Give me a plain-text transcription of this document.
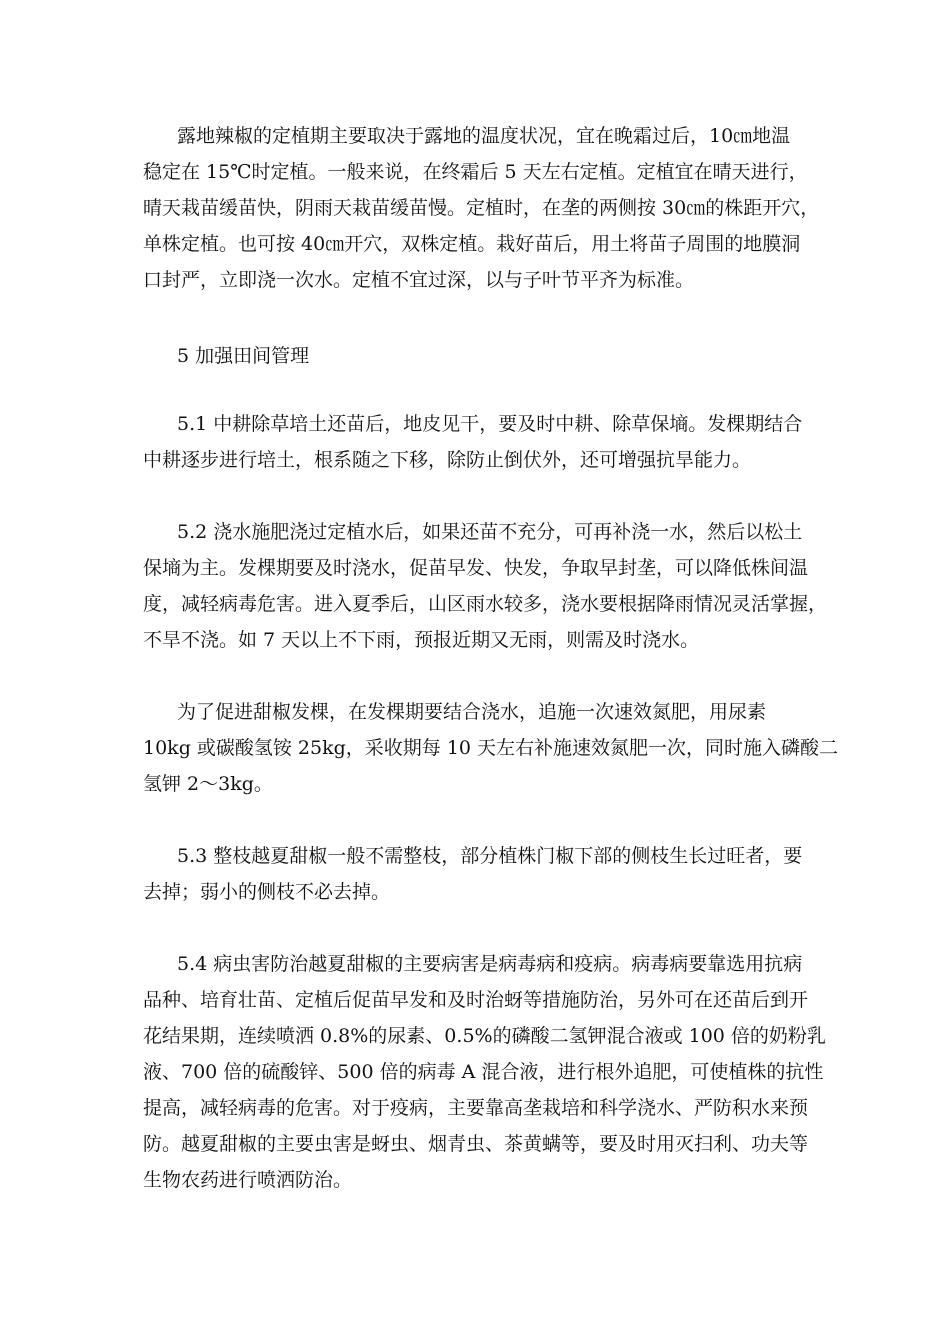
露地辣椒的定植期主要取决于露地的温度状况，宜在晚霜过后，10㎝地温
稳定在 15℃时定植。一般来说，在终霜后 5 天左右定植。定植宜在晴天进行，
晴天栽苗缓苗快，阴雨天栽苗缓苗慢。定植时，在垄的两侧按 30㎝的株距开穴，
单株定植。也可按 40㎝开穴，双株定植。栽好苗后，用土将苗子周围的地膜洞
口封严，立即浇一次水。定植不宜过深，以与子叶节平齐为标准。
5 加强田间管理
5.1 中耕除草培土还苗后，地皮见干，要及时中耕、除草保墒。发棵期结合
中耕逐步进行培土，根系随之下移，除防止倒伏外，还可增强抗旱能力。
5.2 浇水施肥浇过定植水后，如果还苗不充分，可再补浇一水，然后以松土
保墒为主。发棵期要及时浇水，促苗早发、快发，争取早封垄，可以降低株间温
度，减轻病毒危害。进入夏季后，山区雨水较多，浇水要根据降雨情况灵活掌握，
不旱不浇。如 7 天以上不下雨，预报近期又无雨，则需及时浇水。
为了促进甜椒发棵，在发棵期要结合浇水，追施一次速效氮肥，用尿素
10kg 或碳酸氢铵 25kg，采收期每 10 天左右补施速效氮肥一次，同时施入磷酸二
氢钾 2～3kg。
5.3 整枝越夏甜椒一般不需整枝，部分植株门椒下部的侧枝生长过旺者，要
去掉；弱小的侧枝不必去掉。
5.4 病虫害防治越夏甜椒的主要病害是病毒病和疫病。病毒病要靠选用抗病
品种、培育壮苗、定植后促苗早发和及时治蚜等措施防治，另外可在还苗后到开
花结果期，连续喷洒 0.8%的尿素、0.5%的磷酸二氢钾混合液或 100 倍的奶粉乳
液、700 倍的硫酸锌、500 倍的病毒 A 混合液，进行根外追肥，可使植株的抗性
提高，减轻病毒的危害。对于疫病，主要靠高垄栽培和科学浇水、严防积水来预
防。越夏甜椒的主要虫害是蚜虫、烟青虫、茶黄螨等，要及时用灭扫利、功夫等
生物农药进行喷洒防治。
